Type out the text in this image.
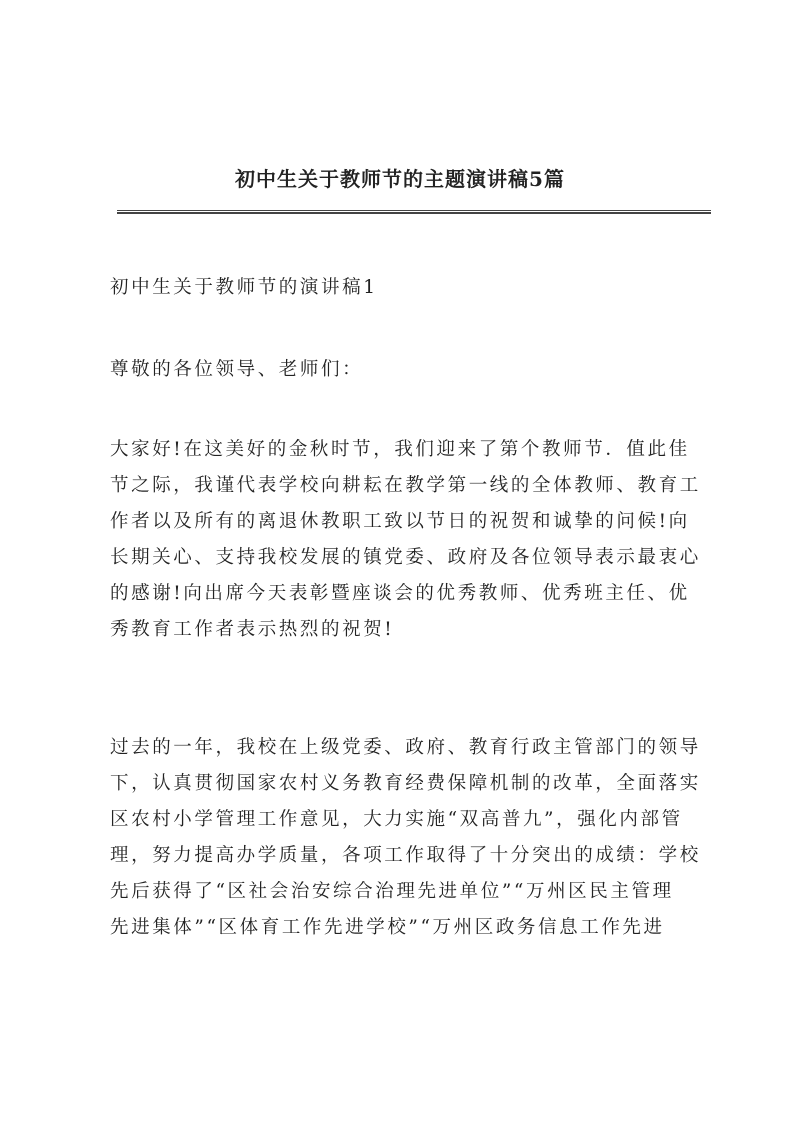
初中生关于教师节的主题演讲稿5篇

初中生关于教师节的演讲稿1

尊敬的各位领导、老师们：

大家好!在这美好的金秋时节，我们迎来了第个教师节．值此佳
节之际，我谨代表学校向耕耘在教学第一线的全体教师、教育工
作者以及所有的离退休教职工致以节日的祝贺和诚挚的问候!向
长期关心、支持我校发展的镇党委、政府及各位领导表示最衷心
的感谢!向出席今天表彰暨座谈会的优秀教师、优秀班主任、优
秀教育工作者表示热烈的祝贺!

过去的一年，我校在上级党委、政府、教育行政主管部门的领导
下，认真贯彻国家农村义务教育经费保障机制的改革，全面落实
区农村小学管理工作意见，大力实施“双高普九”，强化内部管
理，努力提高办学质量，各项工作取得了十分突出的成绩：学校
先后获得了“区社会治安综合治理先进单位”“万州区民主管理
先进集体”“区体育工作先进学校”“万州区政务信息工作先进
